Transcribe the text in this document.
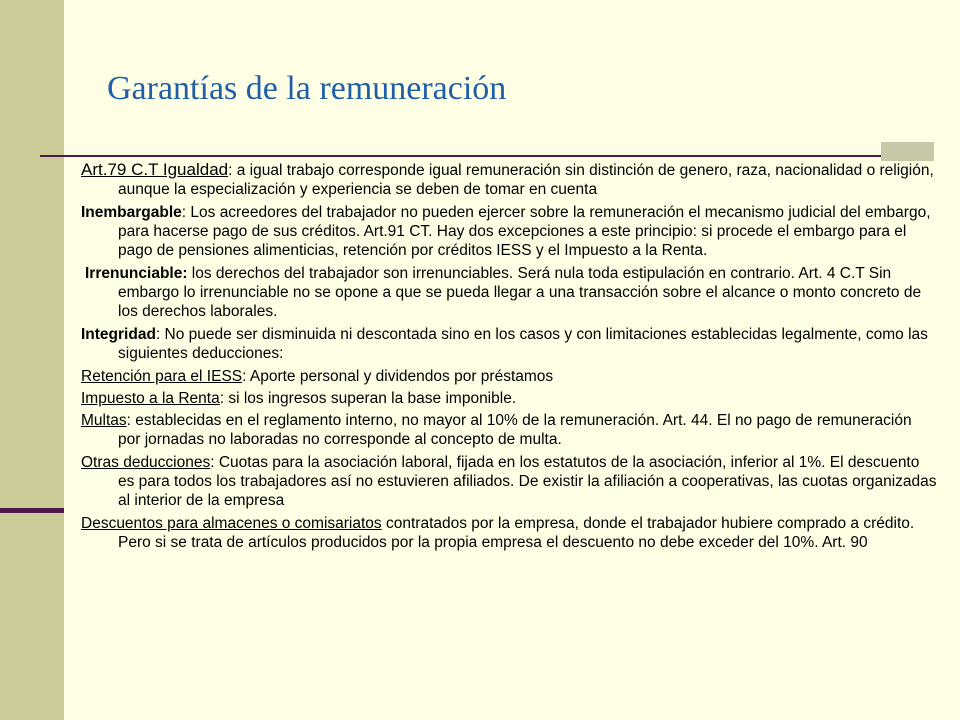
Garantías de la remuneración

Art.79 C.T Igualdad: a igual trabajo corresponde igual remuneración sin distinción de genero, raza, nacionalidad o religión, aunque la especialización y experiencia se deben de tomar en cuenta

Inembargable: Los acreedores del trabajador no pueden ejercer sobre la remuneración el mecanismo judicial del embargo, para hacerse pago de sus créditos. Art.91 CT. Hay dos excepciones a este principio: si procede el embargo para el pago de pensiones alimenticias, retención por créditos IESS y el Impuesto a la Renta.

Irrenunciable: los derechos del trabajador son irrenunciables. Será nula toda estipulación en contrario. Art. 4 C.T Sin embargo lo irrenunciable no se opone a que se pueda llegar a una transacción sobre el alcance o monto concreto de los derechos laborales.

Integridad: No puede ser disminuida ni descontada sino en los casos y con limitaciones establecidas legalmente, como las siguientes deducciones:

Retención para el IESS: Aporte personal y dividendos por préstamos

Impuesto a la Renta: si los ingresos superan la base imponible.

Multas: establecidas en el reglamento interno, no mayor al 10% de la remuneración. Art. 44. El no pago de remuneración por jornadas no laboradas no corresponde al concepto de multa.

Otras deducciones: Cuotas para la asociación laboral, fijada en los estatutos de la asociación, inferior al 1%. El descuento es para todos los trabajadores así no estuvieren afiliados. De existir la afiliación a cooperativas, las cuotas organizadas al interior de la empresa

Descuentos para almacenes o comisariatos contratados por la empresa, donde el trabajador hubiere comprado a crédito. Pero si se trata de artículos producidos por la propia empresa el descuento no debe exceder del 10%. Art. 90
